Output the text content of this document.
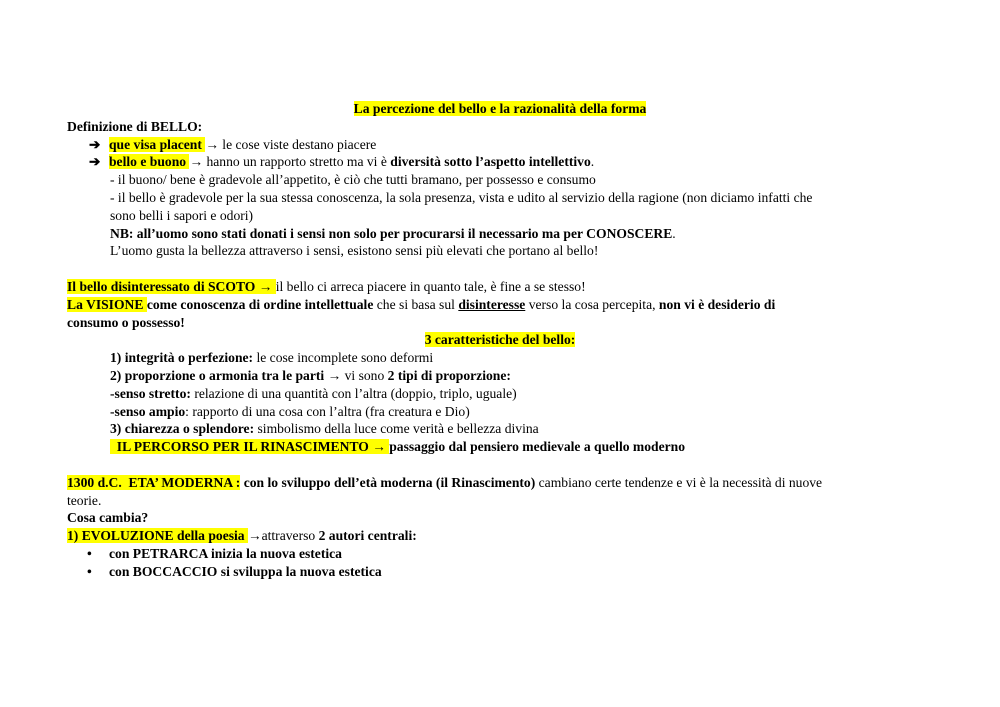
La percezione del bello e la razionalità della forma
Definizione di BELLO:
➔ que visa placent → le cose viste destano piacere
➔ bello e buono → hanno un rapporto stretto ma vi è diversità sotto l’aspetto intellettivo.
- il buono/ bene è gradevole all’appetito, è ciò che tutti bramano, per possesso e consumo
- il bello è gradevole per la sua stessa conoscenza, la sola presenza, vista e udito al servizio della ragione (non diciamo infatti che
sono belli i sapori e odori)
NB: all’uomo sono stati donati i sensi non solo per procurarsi il necessario ma per CONOSCERE.
L’uomo gusta la bellezza attraverso i sensi, esistono sensi più elevati che portano al bello!
Il bello disinteressato di SCOTO → il bello ci arreca piacere in quanto tale, è fine a se stesso!
La VISIONE come conoscenza di ordine intellettuale che si basa sul disinteresse verso la cosa percepita, non vi è desiderio di
consumo o possesso!
3 caratteristiche del bello:
1) integrità o perfezione: le cose incomplete sono deformi
2) proporzione o armonia tra le parti → vi sono 2 tipi di proporzione:
-senso stretto: relazione di una quantità con l’altra (doppio, triplo, uguale)
-senso ampio: rapporto di una cosa con l’altra (fra creatura e Dio)
3) chiarezza o splendore: simbolismo della luce come verità e bellezza divina
IL PERCORSO PER IL RINASCIMENTO → passaggio dal pensiero medievale a quello moderno
1300 d.C.  ETA’ MODERNA : con lo sviluppo dell’età moderna (il Rinascimento) cambiano certe tendenze e vi è la necessità di nuove
teorie.
Cosa cambia?
1) EVOLUZIONE della poesia →attraverso 2 autori centrali:
• con PETRARCA inizia la nuova estetica
• con BOCCACCIO si sviluppa la nuova estetica
